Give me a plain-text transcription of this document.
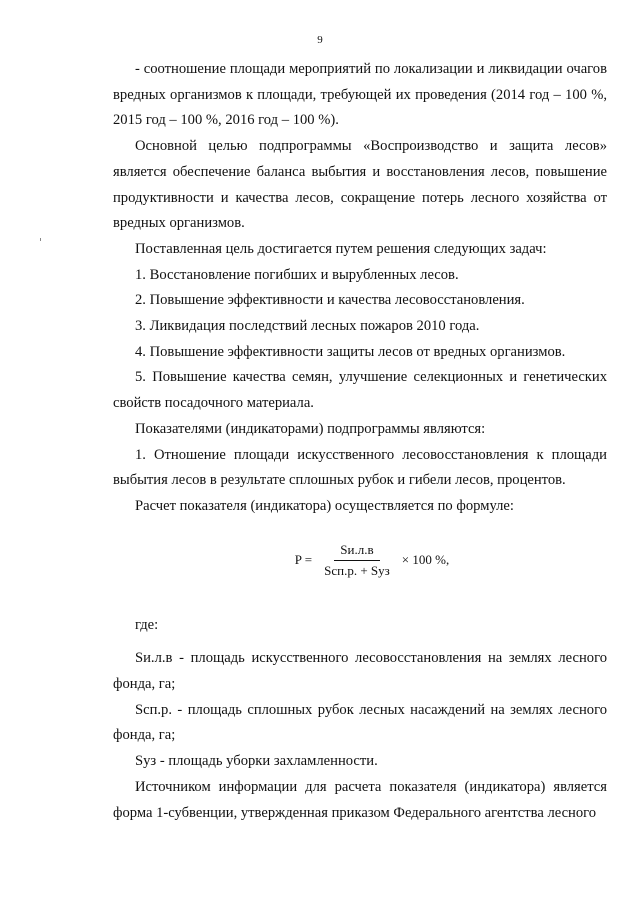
9

- соотношение площади мероприятий по локализации и ликвидации очагов вредных организмов к площади, требующей их проведения (2014 год – 100 %, 2015 год – 100 %, 2016 год – 100 %).

Основной целью подпрограммы «Воспроизводство и защита лесов» является обеспечение баланса выбытия и восстановления лесов, повышение продуктивности и качества лесов, сокращение потерь лесного хозяйства от вредных организмов.

Поставленная цель достигается путем решения следующих задач:

1. Восстановление погибших и вырубленных лесов.

2. Повышение эффективности и качества лесовосстановления.

3. Ликвидация последствий лесных пожаров 2010 года.

4. Повышение эффективности защиты лесов от вредных организмов.

5. Повышение качества семян, улучшение селекционных и генетических свойств посадочного материала.

Показателями (индикаторами) подпрограммы являются:

1. Отношение площади искусственного лесовосстановления к площади выбытия лесов в результате сплошных рубок и гибели лесов, процентов.

Расчет показателя (индикатора) осуществляется по формуле:

$P = \frac{Sи.л.в}{\text{Sсп.р. + Sуз}} \times 100$ %,

где:

Sи.л.в - площадь искусственного лесовосстановления на землях лесного фонда, га;

Sсп.р. - площадь сплошных рубок лесных насаждений на землях лесного фонда, га;

Sуз - площадь уборки захламленности.

Источником информации для расчета показателя (индикатора) является форма 1-субвенции, утвержденная приказом Федерального агентства лесного
